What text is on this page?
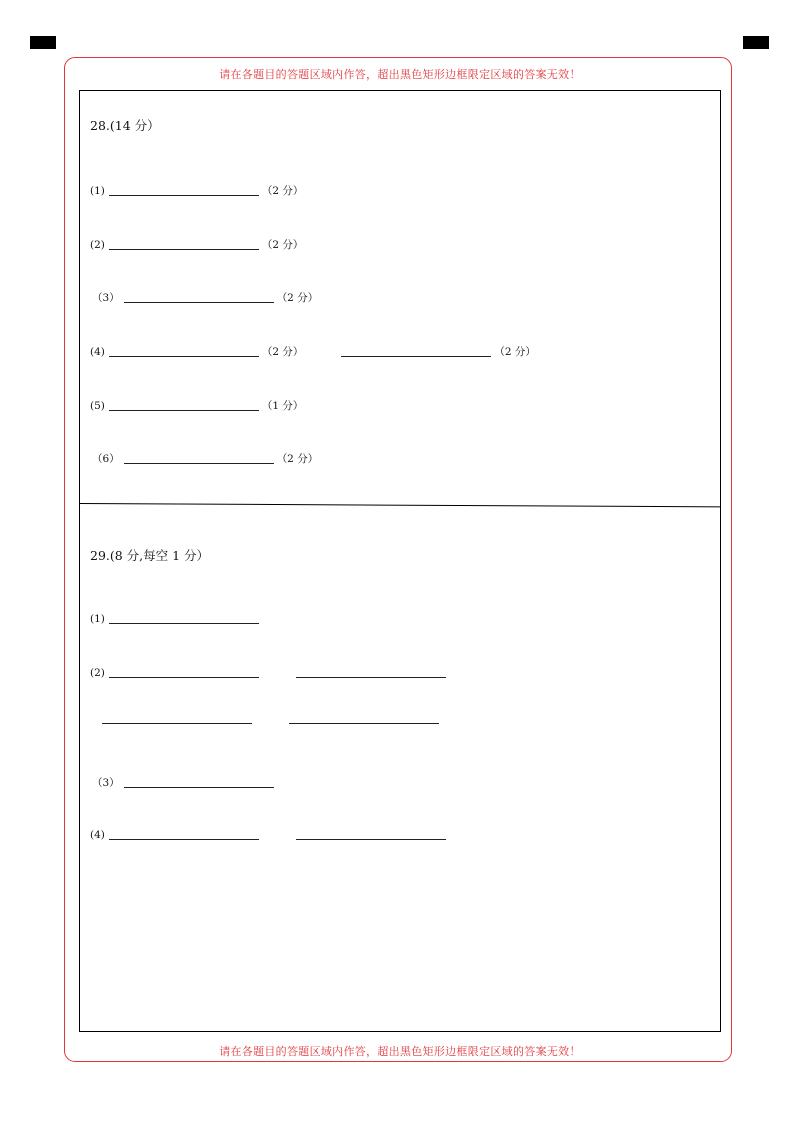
请在各题目的答题区域内作答，超出黑色矩形边框限定区域的答案无效！
请在各题目的答题区域内作答，超出黑色矩形边框限定区域的答案无效！
28.(14 分）
(1)	（2 分）
(2)	（2 分）
（3）	（2 分）
(4)	（2 分）	（2 分）
(5)	（1 分）
（6）	（2 分）
29.(8 分,每空 1 分）
(1)
(2)
（3）
(4)
